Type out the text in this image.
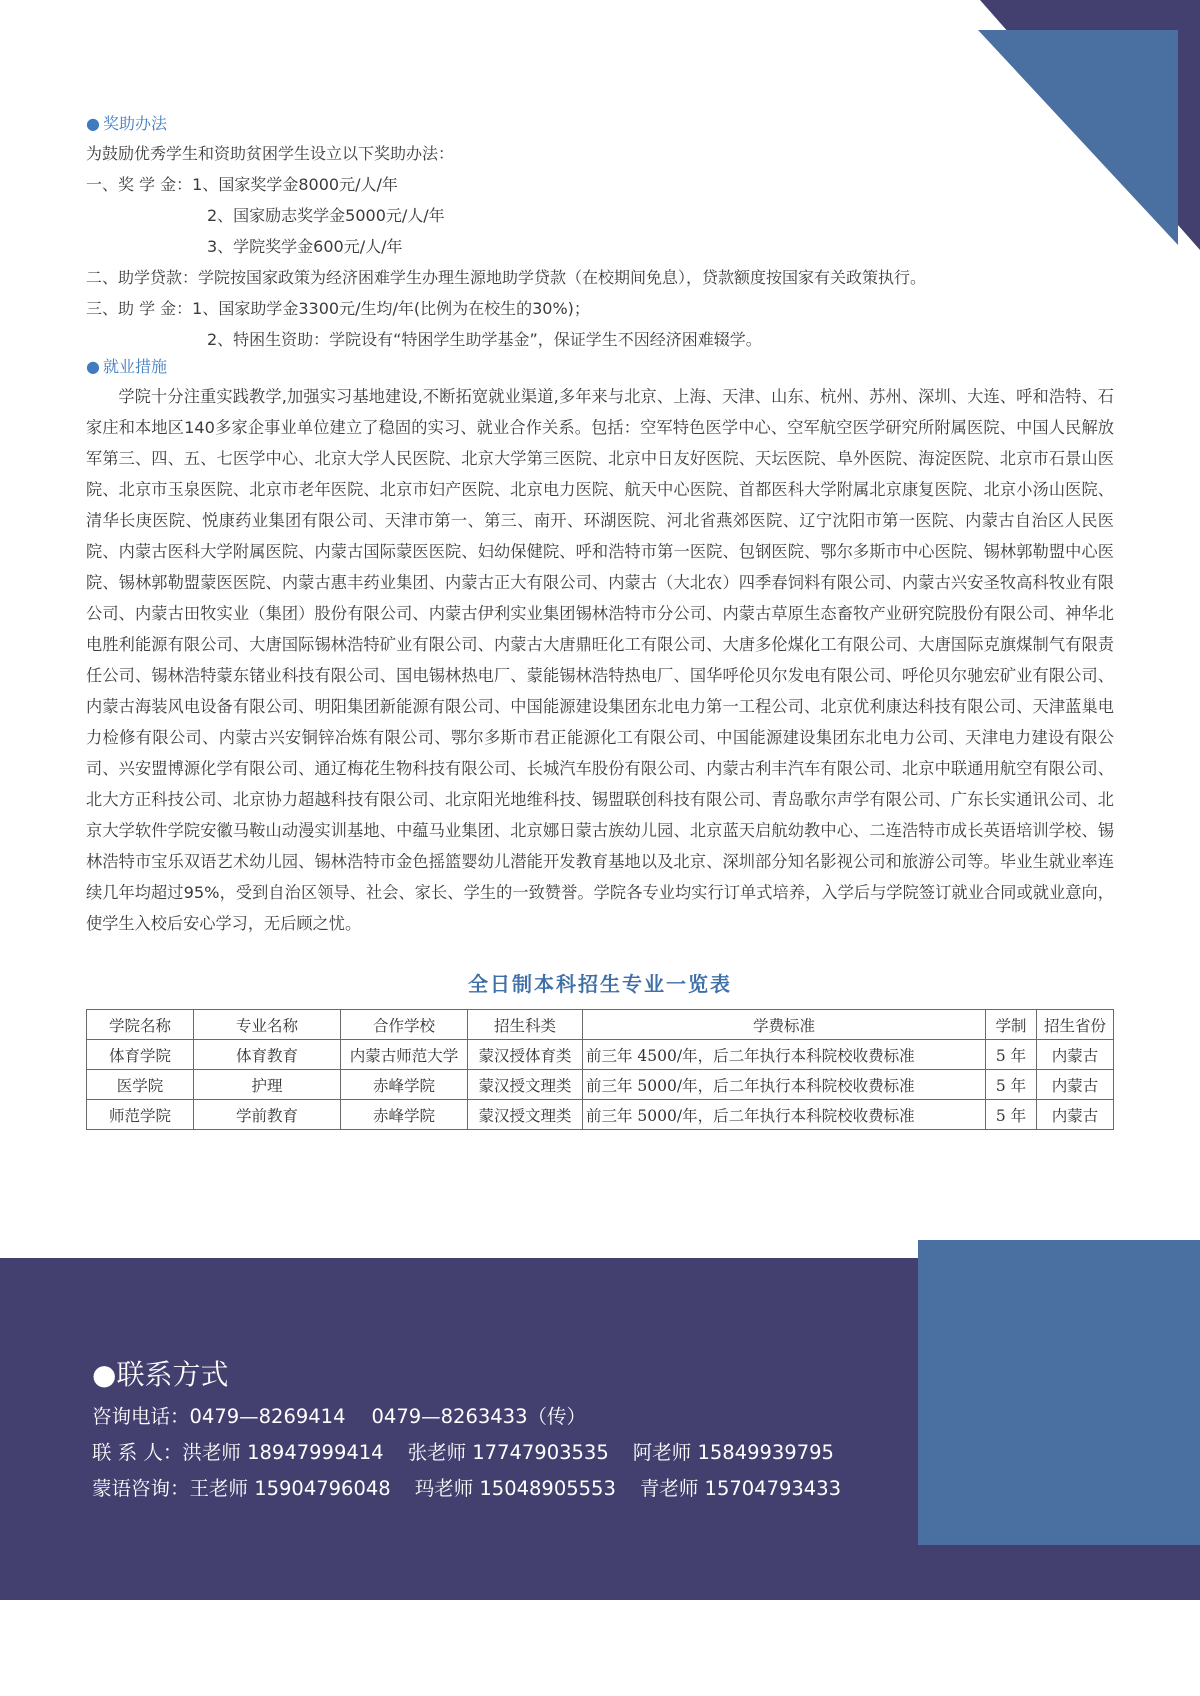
● 奖助办法
为鼓励优秀学生和资助贫困学生设立以下奖助办法：
一、奖 学 金：1、国家奖学金8000元/人/年
2、国家励志奖学金5000元/人/年
3、学院奖学金600元/人/年
二、助学贷款：学院按国家政策为经济困难学生办理生源地助学贷款（在校期间免息），贷款额度按国家有关政策执行。
三、助 学 金：1、国家助学金3300元/生均/年(比例为在校生的30%)；
2、特困生资助：学院设有“特困学生助学基金”，保证学生不因经济困难辍学。
● 就业措施

学院十分注重实践教学,加强实习基地建设,不断拓宽就业渠道,多年来与北京、上海、天津、山东、杭州、苏州、深圳、大连、呼和浩特、石家庄和本地区140多家企事业单位建立了稳固的实习、就业合作关系。包括：空军特色医学中心、空军航空医学研究所附属医院、中国人民解放军第三、四、五、七医学中心、北京大学人民医院、北京大学第三医院、北京中日友好医院、天坛医院、阜外医院、海淀医院、北京市石景山医院、北京市玉泉医院、北京市老年医院、北京市妇产医院、北京电力医院、航天中心医院、首都医科大学附属北京康复医院、北京小汤山医院、清华长庚医院、悦康药业集团有限公司、天津市第一、第三、南开、环湖医院、河北省燕郊医院、辽宁沈阳市第一医院、内蒙古自治区人民医院、内蒙古医科大学附属医院、内蒙古国际蒙医医院、妇幼保健院、呼和浩特市第一医院、包钢医院、鄂尔多斯市中心医院、锡林郭勒盟中心医院、锡林郭勒盟蒙医医院、内蒙古惠丰药业集团、内蒙古正大有限公司、内蒙古（大北农）四季春饲料有限公司、内蒙古兴安圣牧高科牧业有限公司、内蒙古田牧实业（集团）股份有限公司、内蒙古伊利实业集团锡林浩特市分公司、内蒙古草原生态畜牧产业研究院股份有限公司、神华北电胜利能源有限公司、大唐国际锡林浩特矿业有限公司、内蒙古大唐鼎旺化工有限公司、大唐多伦煤化工有限公司、大唐国际克旗煤制气有限责任公司、锡林浩特蒙东锗业科技有限公司、国电锡林热电厂、蒙能锡林浩特热电厂、国华呼伦贝尔发电有限公司、呼伦贝尔驰宏矿业有限公司、内蒙古海装风电设备有限公司、明阳集团新能源有限公司、中国能源建设集团东北电力第一工程公司、北京优利康达科技有限公司、天津蓝巢电力检修有限公司、内蒙古兴安铜锌冶炼有限公司、鄂尔多斯市君正能源化工有限公司、中国能源建设集团东北电力公司、天津电力建设有限公司、兴安盟博源化学有限公司、通辽梅花生物科技有限公司、长城汽车股份有限公司、内蒙古利丰汽车有限公司、北京中联通用航空有限公司、北大方正科技公司、北京协力超越科技有限公司、北京阳光地维科技、锡盟联创科技有限公司、青岛歌尔声学有限公司、广东长实通讯公司、北京大学软件学院安徽马鞍山动漫实训基地、中蕴马业集团、北京娜日蒙古族幼儿园、北京蓝天启航幼教中心、二连浩特市成长英语培训学校、锡林浩特市宝乐双语艺术幼儿园、锡林浩特市金色摇篮婴幼儿潜能开发教育基地以及北京、深圳部分知名影视公司和旅游公司等。毕业生就业率连续几年均超过95%，受到自治区领导、社会、家长、学生的一致赞誉。学院各专业均实行订单式培养，入学后与学院签订就业合同或就业意向，使学生入校后安心学习，无后顾之忧。

全日制本科招生专业一览表
学院名称	专业名称	合作学校	招生科类	学费标准	学制	招生省份
体育学院	体育教育	内蒙古师范大学	蒙汉授体育类	前三年 4500/年，后二年执行本科院校收费标准	5 年	内蒙古
医学院	护理	赤峰学院	蒙汉授文理类	前三年 5000/年，后二年执行本科院校收费标准	5 年	内蒙古
师范学院	学前教育	赤峰学院	蒙汉授文理类	前三年 5000/年，后二年执行本科院校收费标准	5 年	内蒙古
●联系方式
咨询电话：0479—8269414 0479—8263433（传）
联 系 人：洪老师 18947999414 张老师 17747903535 阿老师 15849939795
蒙语咨询：王老师 15904796048 玛老师 15048905553 青老师 15704793433
